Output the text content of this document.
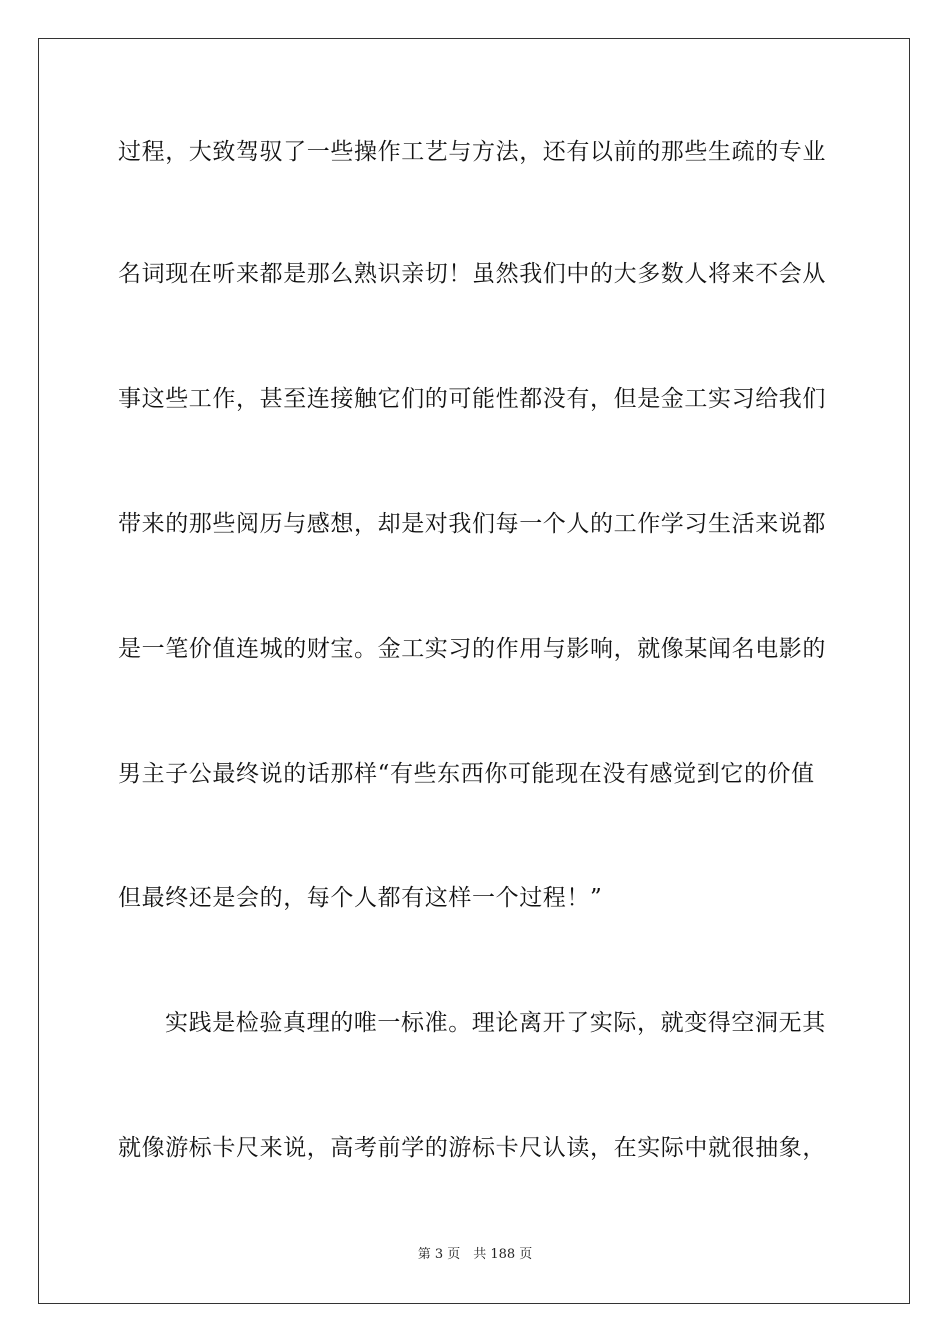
过程，大致驾驭了一些操作工艺与方法，还有以前的那些生疏的专业
名词现在听来都是那么熟识亲切！虽然我们中的大多数人将来不会从
事这些工作，甚至连接触它们的可能性都没有，但是金工实习给我们
带来的那些阅历与感想，却是对我们每一个人的工作学习生活来说都
是一笔价值连城的财宝。金工实习的作用与影响，就像某闻名电影的
男主子公最终说的话那样“有些东西你可能现在没有感觉到它的价值
但最终还是会的，每个人都有这样一个过程！”
实践是检验真理的唯一标准。理论离开了实际，就变得空洞无其
就像游标卡尺来说，高考前学的游标卡尺认读，在实际中就很抽象，
第 3 页　共 188 页
